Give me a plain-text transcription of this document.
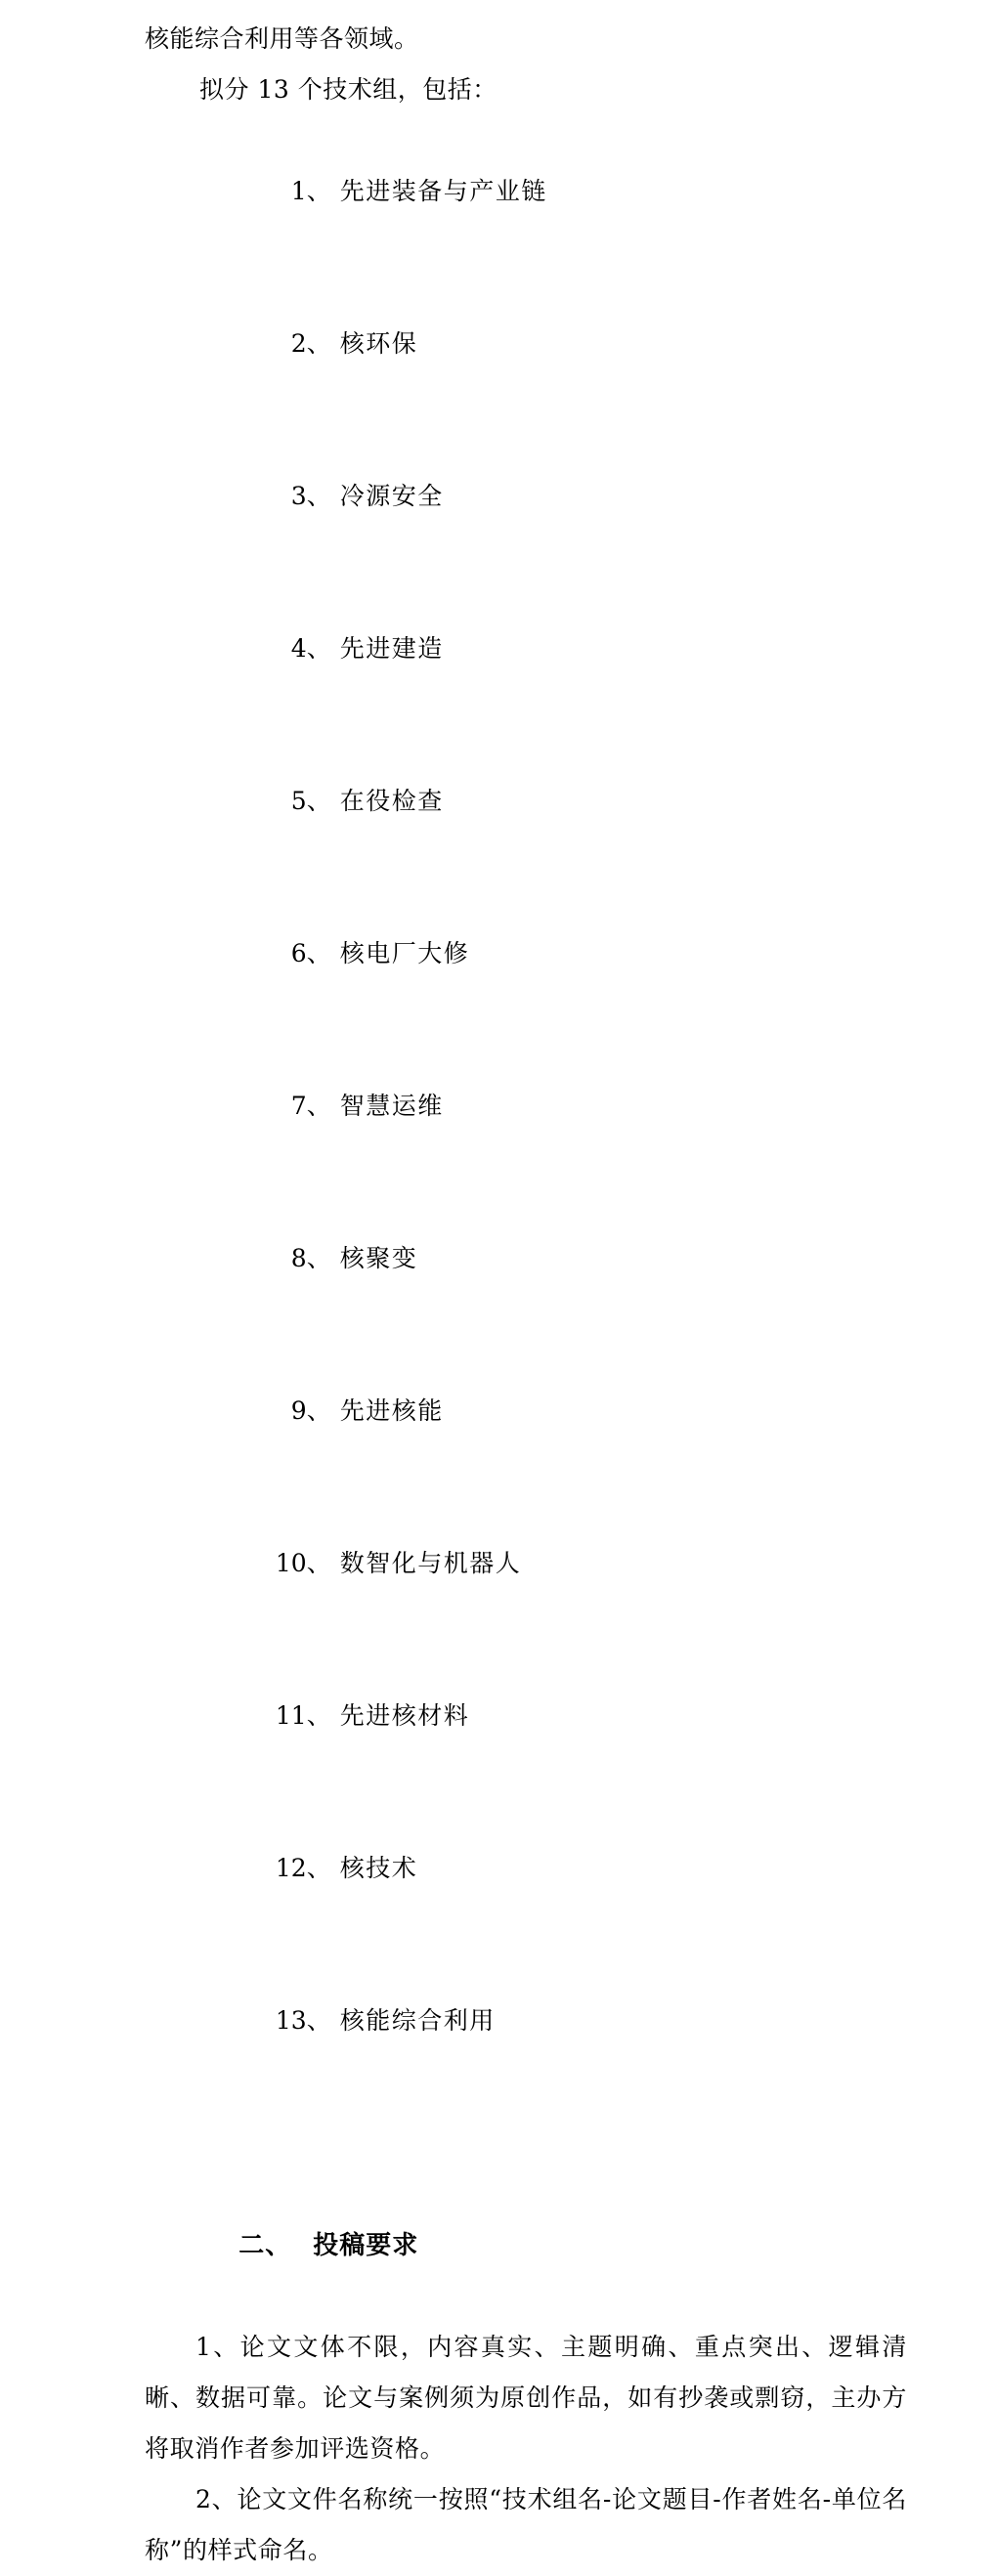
核能综合利用等各领域。
拟分 13 个技术组，包括：

1、 先进装备与产业链

2、 核环保

3、 冷源安全

4、 先进建造

5、 在役检查

6、 核电厂大修

7、 智慧运维

8、 核聚变

9、 先进核能

10、 数智化与机器人

11、 先进核材料

12、 核技术

13、 核能综合利用

二、 投稿要求

1、论文文体不限，内容真实、主题明确、重点突出、逻辑清晰、数据可靠。论文与案例须为原创作品，如有抄袭或剽窃，主办方将取消作者参加评选资格。
2、论文文件名称统一按照“技术组名-论文题目-作者姓名-单位名称”的样式命名。
